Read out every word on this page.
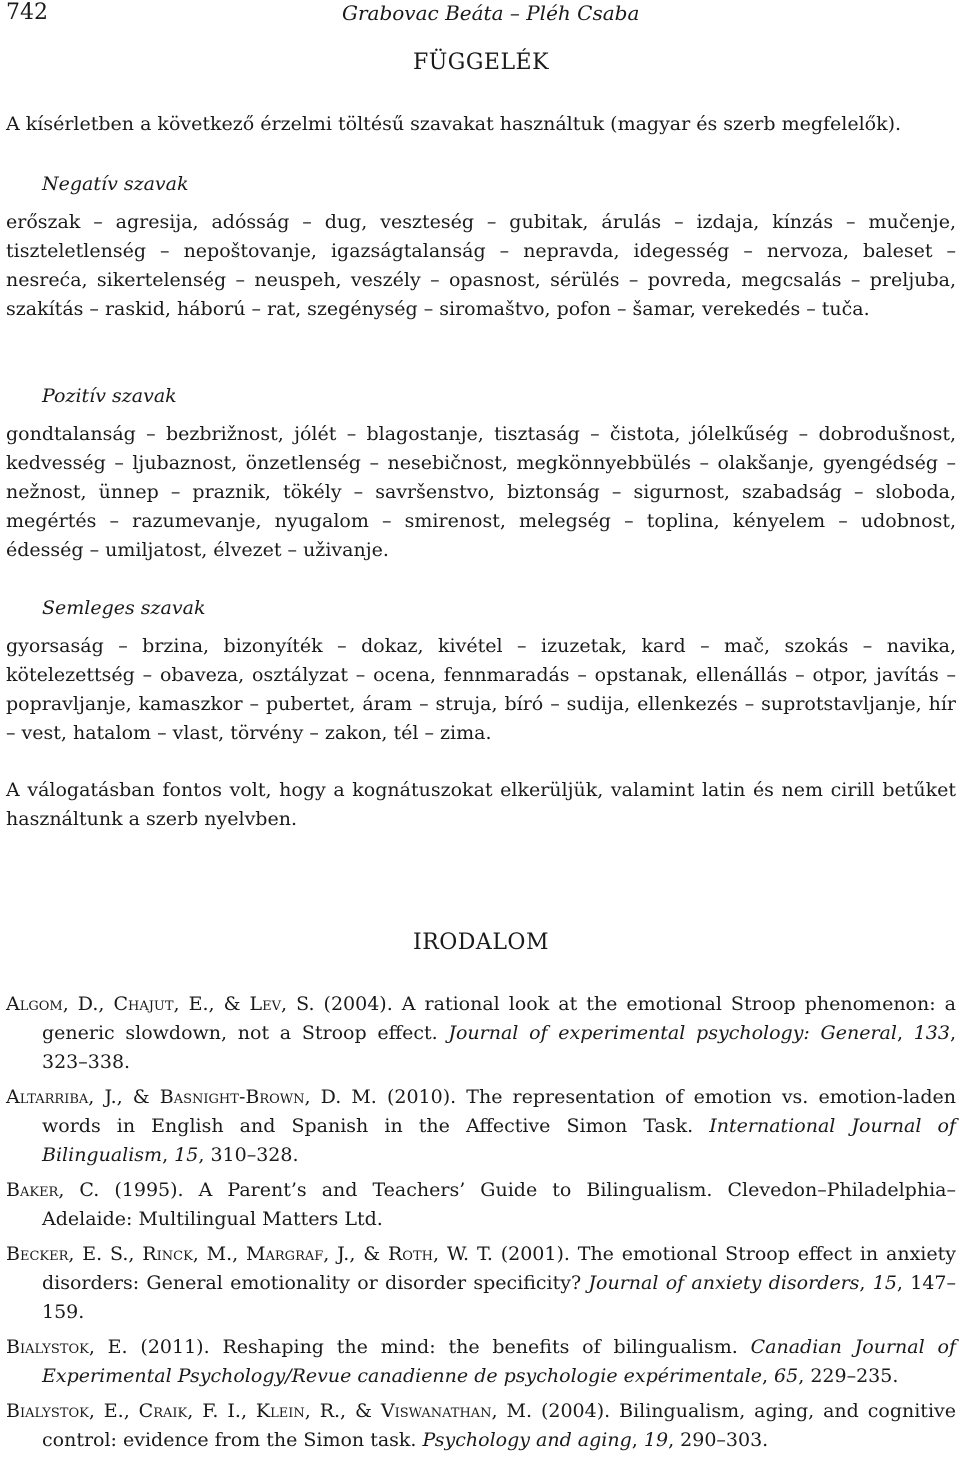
742	Grabovac Beáta – Pléh Csaba
FÜGGELÉK

A kísérletben a következő érzelmi töltésű szavakat használtuk (magyar és szerb megfelelők).

Negatív szavak

erőszak – agresija, adósság – dug, veszteség – gubitak, árulás – izdaja, kínzás – mučenje, tiszteletlenség – nepoštovanje, igazságtalanság – nepravda, idegesség – nervoza, baleset – nesreća, sikertelenség – neuspeh, veszély – opasnost, sérülés – povreda, megcsalás – preljuba, szakítás – raskid, háború – rat, szegénység – siromaštvo, pofon – šamar, verekedés – tuča.

Pozitív szavak

gondtalanság – bezbrižnost, jólét – blagostanje, tisztaság – čistota, jólelkűség – dobrodušnost, kedvesség – ljubaznost, önzetlenség – nesebičnost, megkönnyebbülés – olakšanje, gyengédség – nežnost, ünnep – praznik, tökély – savršenstvo, biztonság – sigurnost, szabadság – sloboda, megértés – razumevanje, nyugalom – smirenost, melegség – toplina, kényelem – udobnost, édesség – umiljatost, élvezet – uživanje.

Semleges szavak

gyorsaság – brzina, bizonyíték – dokaz, kivétel – izuzetak, kard – mač, szokás – navika, kötelezettség – obaveza, osztályzat – ocena, fennmaradás – opstanak, ellenállás – otpor, javítás – popravljanje, kamaszkor – pubertet, áram – struja, bíró – sudija, ellenkezés – suprotstavljanje, hír – vest, hatalom – vlast, törvény – zakon, tél – zima.

A válogatásban fontos volt, hogy a kognátuszokat elkerüljük, valamint latin és nem cirill betűket használtunk a szerb nyelvben.

IRODALOM

Algom, D., Chajut, E., & Lev, S. (2004). A rational look at the emotional Stroop phenomenon: a generic slowdown, not a Stroop effect. Journal of experimental psychology: General, 133, 323–338.

Altarriba, J., & Basnight-Brown, D. M. (2010). The representation of emotion vs. emotion-laden words in English and Spanish in the Affective Simon Task. International Journal of Bilingualism, 15, 310–328.

Baker, C. (1995). A Parent’s and Teachers’ Guide to Bilingualism. Clevedon–Philadelphia–Adelaide: Multilingual Matters Ltd.

Becker, E. S., Rinck, M., Margraf, J., & Roth, W. T. (2001). The emotional Stroop effect in anxiety disorders: General emotionality or disorder specificity? Journal of anxiety disorders, 15, 147–159.

Bialystok, E. (2011). Reshaping the mind: the benefits of bilingualism. Canadian Journal of Experimental Psychology/Revue canadienne de psychologie expérimentale, 65, 229–235.

Bialystok, E., Craik, F. I., Klein, R., & Viswanathan, M. (2004). Bilingualism, aging, and cognitive control: evidence from the Simon task. Psychology and aging, 19, 290–303.
